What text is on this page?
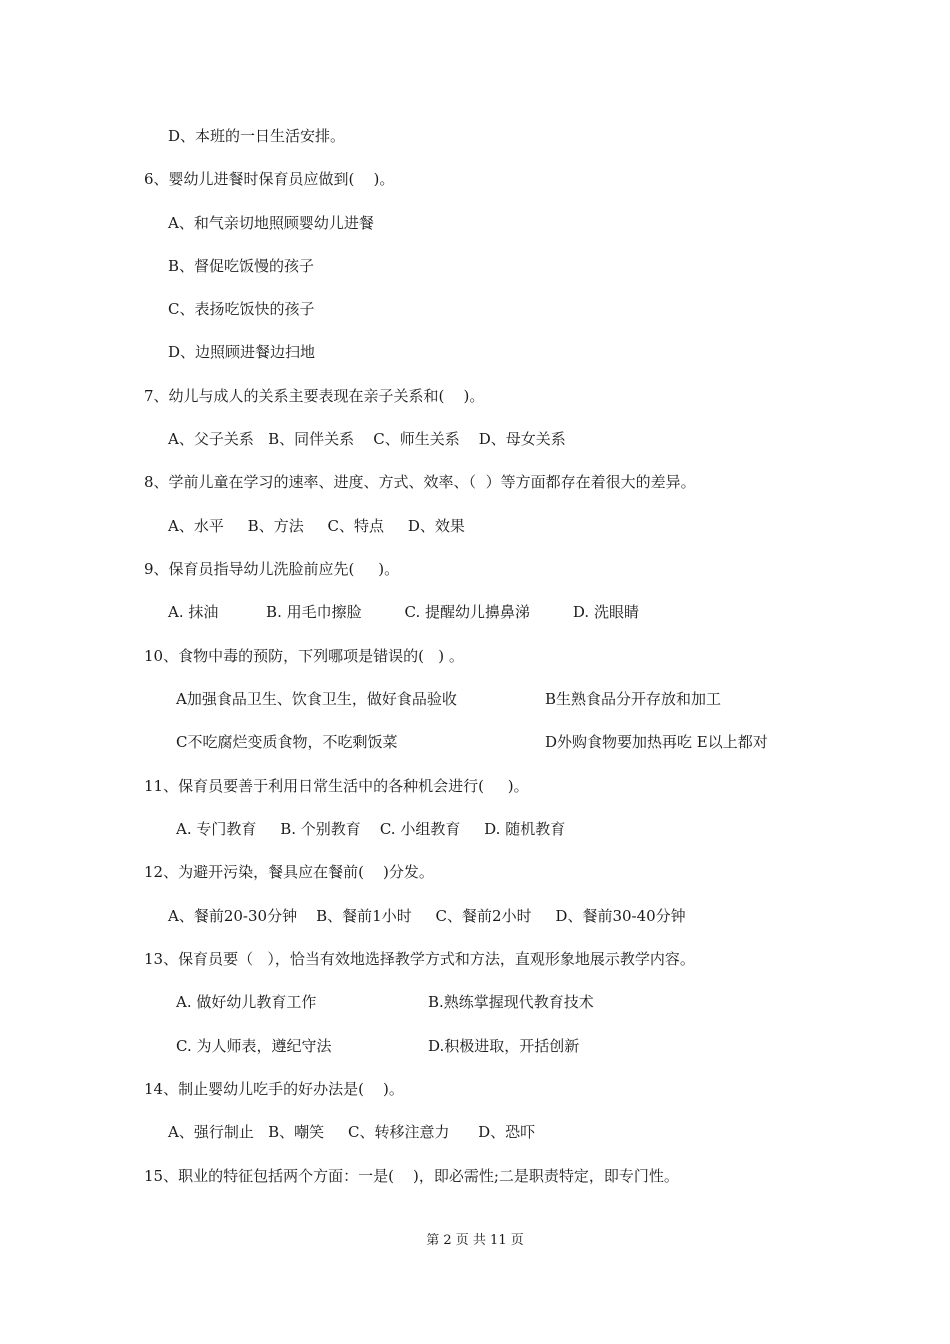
D、本班的一日生活安排。
6、婴幼儿进餐时保育员应做到(    )。
A、和气亲切地照顾婴幼儿进餐
B、督促吃饭慢的孩子
C、表扬吃饭快的孩子
D、边照顾进餐边扫地
7、幼儿与成人的关系主要表现在亲子关系和(    )。
A、父子关系   B、同伴关系    C、师生关系    D、母女关系
8、学前儿童在学习的速率、进度、方式、效率、（  ）等方面都存在着很大的差异。
A、水平     B、方法     C、特点     D、效果
9、保育员指导幼儿洗脸前应先(     )。
A. 抹油          B. 用毛巾擦脸         C. 提醒幼儿擤鼻涕         D. 洗眼睛
10、食物中毒的预防，下列哪项是错误的(   ) 。
A加强食品卫生、饮食卫生，做好食品验收	B生熟食品分开存放和加工
C不吃腐烂变质食物，不吃剩饭菜	D外购食物要加热再吃 E以上都对
11、保育员要善于利用日常生活中的各种机会进行(     )。
A. 专门教育     B. 个别教育    C. 小组教育     D. 随机教育
12、为避开污染，餐具应在餐前(    )分发。
A、餐前20-30分钟    B、餐前1小时     C、餐前2小时     D、餐前30-40分钟
13、保育员要（   ），恰当有效地选择教学方式和方法，直观形象地展示教学内容。
A. 做好幼儿教育工作	B.熟练掌握现代教育技术
C. 为人师表，遵纪守法	D.积极进取，开括创新
14、制止婴幼儿吃手的好办法是(    )。
A、强行制止   B、嘲笑     C、转移注意力      D、恐吓
15、职业的特征包括两个方面：一是(    )，即必需性;二是职责特定，即专门性。
第 2 页 共 11 页
